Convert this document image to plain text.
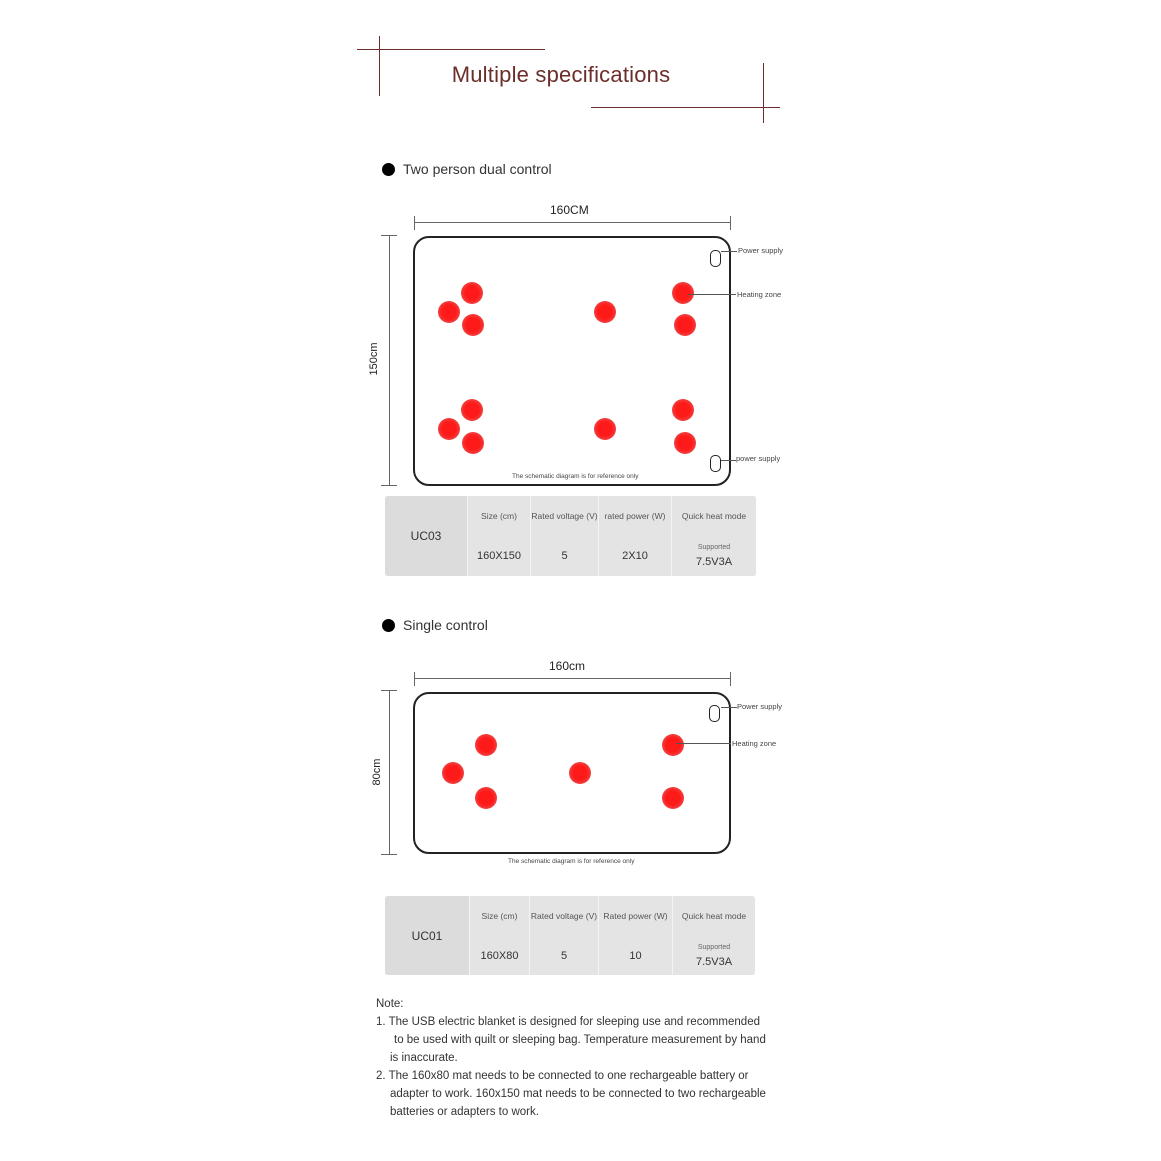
Multiple specifications
Two person dual control
160CM
150cm
The schematic diagram is for reference only
Power supply
Heating zone
power supply
UC03
Size (cm)
160X150
Rated voltage (V)
5
rated power (W)
2X10
Quick heat mode
Supported
7.5V3A
Single control
160cm
80cm
The schematic diagram is for reference only
Power supply
Heating zone
UC01
Size (cm)
160X80
Rated voltage (V)
5
Rated power (W)
10
Quick heat mode
Supported
7.5V3A

Note:

1. The USB electric blanket is designed for sleeping use and recommended

to be used with quilt or sleeping bag. Temperature measurement by hand

is inaccurate.

2. The 160x80 mat needs to be connected to one rechargeable battery or

adapter to work. 160x150 mat needs to be connected to two rechargeable

batteries or adapters to work.
